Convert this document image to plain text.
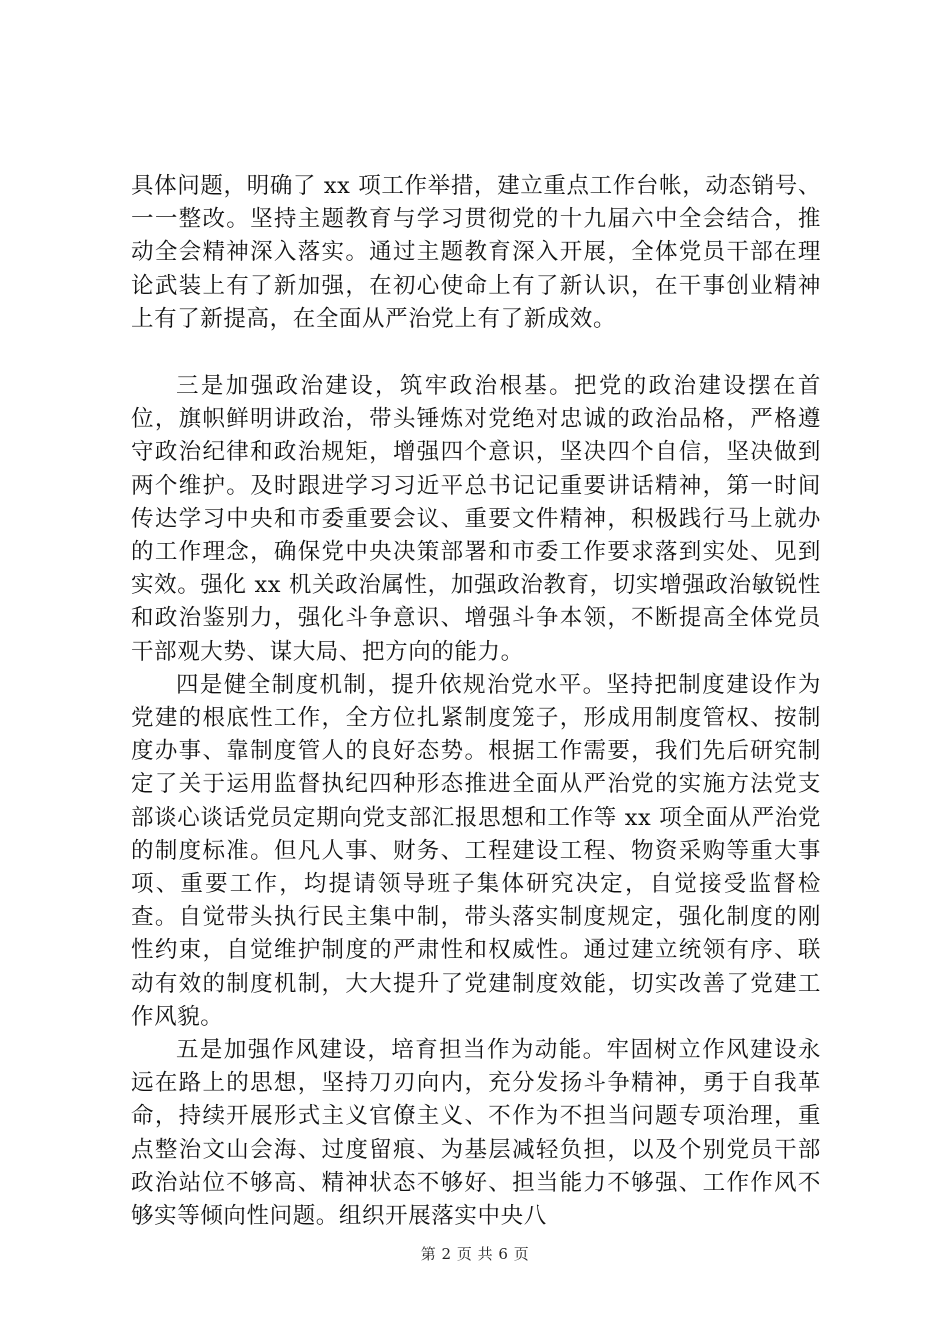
具体问题，明确了 xx 项工作举措，建立重点工作台帐，动态销号、一一整改。坚持主题教育与学习贯彻党的十九届六中全会结合，推动全会精神深入落实。通过主题教育深入开展，全体党员干部在理论武装上有了新加强，在初心使命上有了新认识，在干事创业精神上有了新提高，在全面从严治党上有了新成效。

三是加强政治建设，筑牢政治根基。把党的政治建设摆在首位，旗帜鲜明讲政治，带头锤炼对党绝对忠诚的政治品格，严格遵守政治纪律和政治规矩，增强四个意识，坚决四个自信，坚决做到两个维护。及时跟进学习习近平总书记记重要讲话精神，第一时间传达学习中央和市委重要会议、重要文件精神，积极践行马上就办的工作理念，确保党中央决策部署和市委工作要求落到实处、见到实效。强化 xx 机关政治属性，加强政治教育，切实增强政治敏锐性和政治鉴别力，强化斗争意识、增强斗争本领，不断提高全体党员干部观大势、谋大局、把方向的能力。

四是健全制度机制，提升依规治党水平。坚持把制度建设作为党建的根底性工作，全方位扎紧制度笼子，形成用制度管权、按制度办事、靠制度管人的良好态势。根据工作需要，我们先后研究制定了关于运用监督执纪四种形态推进全面从严治党的实施方法党支部谈心谈话党员定期向党支部汇报思想和工作等 xx 项全面从严治党的制度标准。但凡人事、财务、工程建设工程、物资采购等重大事项、重要工作，均提请领导班子集体研究决定，自觉接受监督检查。自觉带头执行民主集中制，带头落实制度规定，强化制度的刚性约束，自觉维护制度的严肃性和权威性。通过建立统领有序、联动有效的制度机制，大大提升了党建制度效能，切实改善了党建工作风貌。

五是加强作风建设，培育担当作为动能。牢固树立作风建设永远在路上的思想，坚持刀刃向内，充分发扬斗争精神，勇于自我革命，持续开展形式主义官僚主义、不作为不担当问题专项治理，重点整治文山会海、过度留痕、为基层减轻负担，以及个别党员干部政治站位不够高、精神状态不够好、担当能力不够强、工作作风不够实等倾向性问题。组织开展落实中央八

第 2 页 共 6 页
